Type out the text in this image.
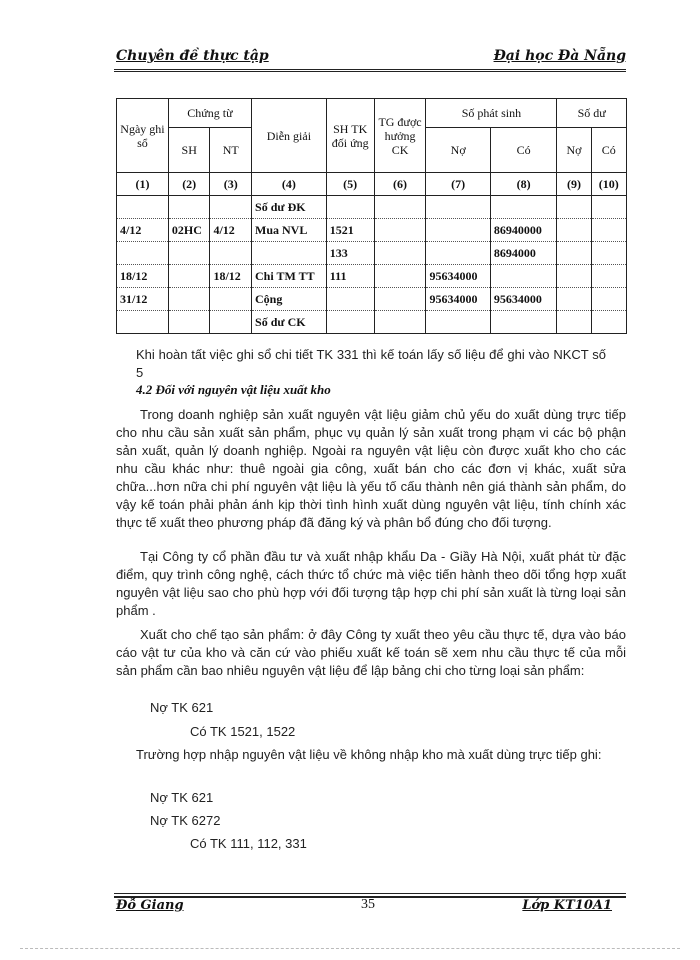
Chuyên đề thực tập	Đại học Đà Nẵng
Ngày ghi sổ	Chứng từ		Diễn giải	SH TK đối ứng	TG được hưởng CK	Số phát sinh		Số dư	
	SH	NT				Nợ	Có	Nợ	Có
(1)	(2)	(3)	(4)	(5)	(6)	(7)	(8)	(9)	(10)
			Số dư ĐK						
4/12	02HC	4/12	Mua NVL	1521			86940000		
				133			8694000		
18/12		18/12	Chi TM TT	111		95634000			
31/12			Cộng			95634000	95634000		
			Số dư CK						

Khi hoàn tất việc ghi sổ chi tiết TK 331 thì kế toán lấy số liệu để ghi vào NKCT số 5

4.2 Đối với nguyên vật liệu xuất kho

Trong doanh nghiệp sản xuất nguyên vật liệu giảm chủ yếu do xuất dùng trực tiếp cho nhu cầu sản xuất sản phẩm, phục vụ quản lý sản xuất trong phạm vi các bộ phận sản xuất, quản lý doanh nghiệp. Ngoài ra nguyên vật liệu còn được xuất kho cho các nhu cầu khác như: thuê ngoài gia công, xuất bán cho các đơn vị khác, xuất sửa chữa...hơn nữa chi phí nguyên vật liệu là yếu tố cấu thành nên giá thành sản phẩm, do vậy kế toán phải phản ánh kịp thời tình hình xuất dùng nguyên vật liệu, tính chính xác thực tế xuất theo phương pháp đã đăng ký và phân bổ đúng cho đối tượng.

Tại Công ty cổ phần đầu tư và xuất nhập khẩu Da - Giầy Hà Nội, xuất phát từ đặc điểm, quy trình công nghệ, cách thức tổ chức mà việc tiến hành theo dõi tổng hợp xuất nguyên vật liệu sao cho phù hợp với đối tượng tập hợp chi phí sản xuất là từng loại sản phẩm .

Xuất cho chế tạo sản phẩm: ở đây Công ty xuất theo yêu cầu thực tế, dựa vào báo cáo vật tư của kho và căn cứ vào phiếu xuất kế toán sẽ xem nhu cầu thực tế của mỗi sản phẩm cần bao nhiêu nguyên vật liệu để lập bảng chi cho từng loại sản phẩm:

Nợ TK 621
Có TK 1521, 1522

Trường hợp nhập nguyên vật liệu về không nhập kho mà xuất dùng trực tiếp ghi:

Nợ TK 621
Nợ TK 6272
Có TK 111, 112, 331
Đỗ Giang	35	Lớp KT10A1
